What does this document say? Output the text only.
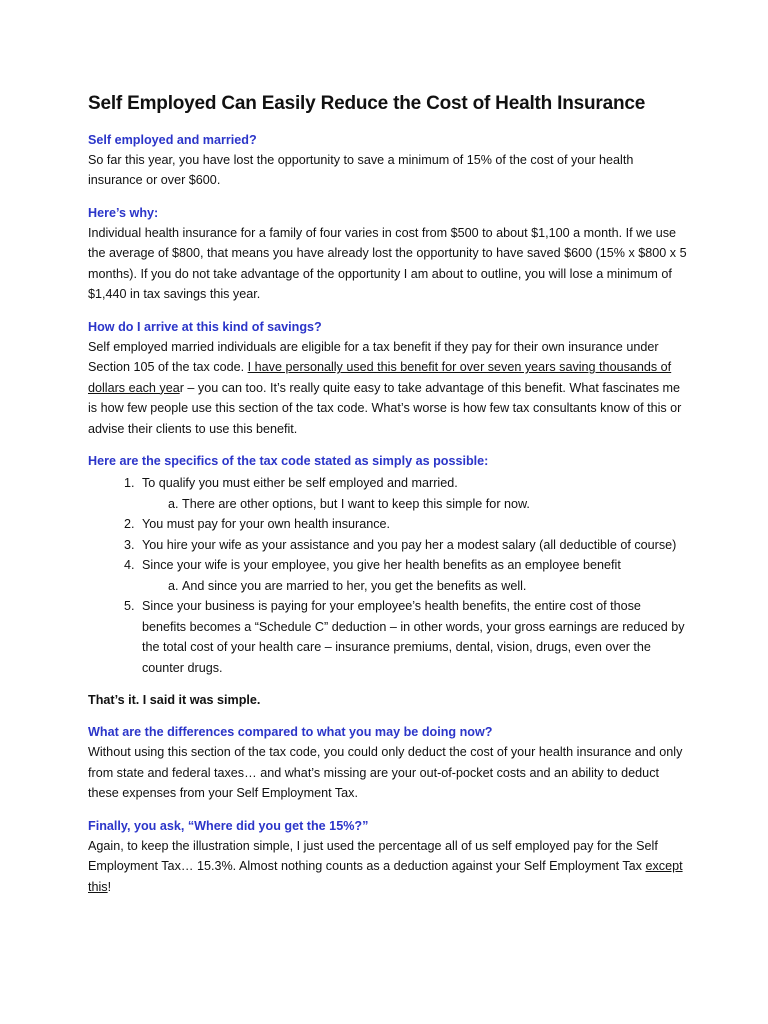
Self Employed Can Easily Reduce the Cost of Health Insurance

Self employed and married?

So far this year, you have lost the opportunity to save a minimum of 15% of the cost of your health insurance or over $600.

Here’s why:

Individual health insurance for a family of four varies in cost from $500 to about $1,100 a month. If we use the average of $800, that means you have already lost the opportunity to have saved $600 (15% x $800 x 5 months). If you do not take advantage of the opportunity I am about to outline, you will lose a minimum of $1,440 in tax savings this year.

How do I arrive at this kind of savings?

Self employed married individuals are eligible for a tax benefit if they pay for their own insurance under Section 105 of the tax code. I have personally used this benefit for over seven years saving thousands of dollars each year – you can too. It’s really quite easy to take advantage of this benefit. What fascinates me is how few people use this section of the tax code. What’s worse is how few tax consultants know of this or advise their clients to use this benefit.

Here are the specifics of the tax code stated as simply as possible:

1. To qualify you must either be self employed and married.
a. There are other options, but I want to keep this simple for now.
2. You must pay for your own health insurance.
3. You hire your wife as your assistance and you pay her a modest salary (all deductible of course)
4. Since your wife is your employee, you give her health benefits as an employee benefit
a. And since you are married to her, you get the benefits as well.
5. Since your business is paying for your employee’s health benefits, the entire cost of those benefits becomes a “Schedule C” deduction – in other words, your gross earnings are reduced by the total cost of your health care – insurance premiums, dental, vision, drugs, even over the counter drugs.

That’s it. I said it was simple.

What are the differences compared to what you may be doing now?

Without using this section of the tax code, you could only deduct the cost of your health insurance and only from state and federal taxes… and what’s missing are your out-of-pocket costs and an ability to deduct these expenses from your Self Employment Tax.

Finally, you ask, “Where did you get the 15%?”

Again, to keep the illustration simple, I just used the percentage all of us self employed pay for the Self Employment Tax… 15.3%. Almost nothing counts as a deduction against your Self Employment Tax except this!
